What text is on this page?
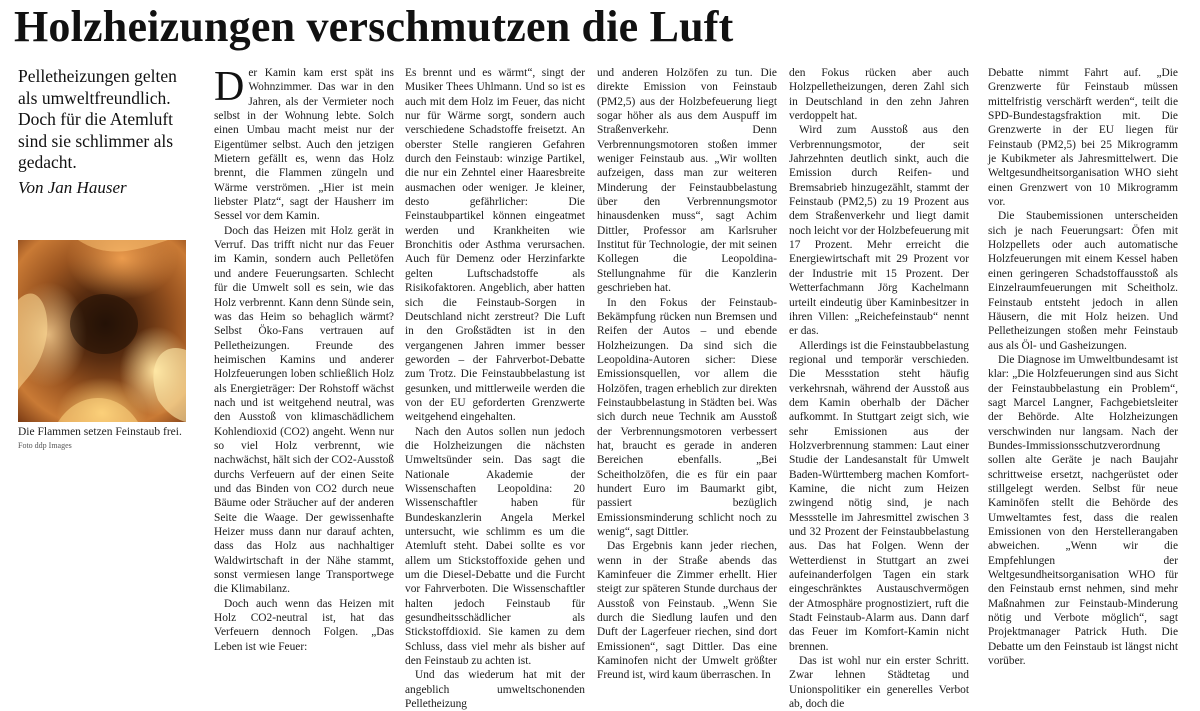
Holzheizungen verschmutzen die Luft
Pelletheizungen gelten als umweltfreundlich. Doch für die Atemluft sind sie schlimmer als gedacht.
Von Jan Hauser
Die Flammen setzen Feinstaub frei.
Foto ddp Images
D er Kamin kam erst spät ins Wohnzimmer. Das war in den Jahren, als der Vermieter noch selbst in der Wohnung lebte. Solch einen Umbau macht meist nur der Eigentümer selbst. Auch den jetzigen Mietern gefällt es, wenn das Holz brennt, die Flammen züngeln und Wärme verströmen. „Hier ist mein liebster Platz“, sagt der Hausherr im Sessel vor dem Kamin.

Doch das Heizen mit Holz gerät in Verruf. Das trifft nicht nur das Feuer im Kamin, sondern auch Pelletöfen und andere Feuerungsarten. Schlecht für die Umwelt soll es sein, wie das Holz verbrennt. Kann denn Sünde sein, was das Heim so behaglich wärmt? Selbst Öko-Fans vertrauen auf Pelletheizungen. Freunde des heimischen Kamins und anderer Holzfeuerungen loben schließlich Holz als Energieträger: Der Rohstoff wächst nach und ist weitgehend neutral, was den Ausstoß von klimaschädlichem Kohlendioxid (CO2) angeht. Wenn nur so viel Holz verbrennt, wie nachwächst, hält sich der CO2-Ausstoß durchs Verfeuern auf der einen Seite und das Binden von CO2 durch neue Bäume oder Sträucher auf der anderen Seite die Waage. Der gewissenhafte Heizer muss dann nur darauf achten, dass das Holz aus nachhaltiger Waldwirtschaft in der Nähe stammt, sonst vermiesen lange Transportwege die Klimabilanz.

Doch auch wenn das Heizen mit Holz CO2-neutral ist, hat das Verfeuern dennoch Folgen. „Das Leben ist wie Feuer:

Es brennt und es wärmt“, singt der Musiker Thees Uhlmann. Und so ist es auch mit dem Holz im Feuer, das nicht nur für Wärme sorgt, sondern auch verschiedene Schadstoffe freisetzt. An oberster Stelle rangieren Gefahren durch den Feinstaub: winzige Partikel, die nur ein Zehntel einer Haaresbreite ausmachen oder weniger. Je kleiner, desto gefährlicher: Die Feinstaubpartikel können eingeatmet werden und Krankheiten wie Bronchitis oder Asthma verursachen. Auch für Demenz oder Herzinfarkte gelten Luftschadstoffe als Risikofaktoren. Angeblich, aber hatten sich die Feinstaub-Sorgen in Deutschland nicht zerstreut? Die Luft in den Großstädten ist in den vergangenen Jahren immer besser geworden – der Fahrverbot-Debatte zum Trotz. Die Feinstaubbelastung ist gesunken, und mittlerweile werden die von der EU geforderten Grenzwerte weitgehend eingehalten.

Nach den Autos sollen nun jedoch die Holzheizungen die nächsten Umweltsünder sein. Das sagt die Nationale Akademie der Wissenschaften Leopoldina: 20 Wissenschaftler haben für Bundeskanzlerin Angela Merkel untersucht, wie schlimm es um die Atemluft steht. Dabei sollte es vor allem um Stickstoffoxide gehen und um die Diesel-Debatte und die Furcht vor Fahrverboten. Die Wissenschaftler halten jedoch Feinstaub für gesundheitsschädlicher als Stickstoffdioxid. Sie kamen zu dem Schluss, dass viel mehr als bisher auf den Feinstaub zu achten ist.

Und das wiederum hat mit der angeblich umweltschonenden Pelletheizung

und anderen Holzöfen zu tun. Die direkte Emission von Feinstaub (PM2,5) aus der Holzbefeuerung liegt sogar höher als aus dem Auspuff im Straßenverkehr. Denn Verbrennungsmotoren stoßen immer weniger Feinstaub aus. „Wir wollten aufzeigen, dass man zur weiteren Minderung der Feinstaubbelastung über den Verbrennungsmotor hinausdenken muss“, sagt Achim Dittler, Professor am Karlsruher Institut für Technologie, der mit seinen Kollegen die Leopoldina-Stellungnahme für die Kanzlerin geschrieben hat.

In den Fokus der Feinstaub-Bekämpfung rücken nun Bremsen und Reifen der Autos – und ebende Holzheizungen. Da sind sich die Leopoldina-Autoren sicher: Diese Emissionsquellen, vor allem die Holzöfen, tragen erheblich zur direkten Feinstaubbelastung in Städten bei. Was sich durch neue Technik am Ausstoß der Verbrennungsmotoren verbessert hat, braucht es gerade in anderen Bereichen ebenfalls. „Bei Scheitholzöfen, die es für ein paar hundert Euro im Baumarkt gibt, passiert bezüglich Emissionsminderung schlicht noch zu wenig“, sagt Dittler.

Das Ergebnis kann jeder riechen, wenn in der Straße abends das Kaminfeuer die Zimmer erhellt. Hier steigt zur späteren Stunde durchaus der Ausstoß von Feinstaub. „Wenn Sie durch die Siedlung laufen und den Duft der Lagerfeuer riechen, sind dort Emissionen“, sagt Dittler. Das eine Kaminofen nicht der Umwelt größter Freund ist, wird kaum überraschen. In

den Fokus rücken aber auch Holzpelletheizungen, deren Zahl sich in Deutschland in den zehn Jahren verdoppelt hat.

Wird zum Ausstoß aus den Verbrennungsmotor, der seit Jahrzehnten deutlich sinkt, auch die Emission durch Reifen- und Bremsabrieb hinzugezählt, stammt der Feinstaub (PM2,5) zu 19 Prozent aus dem Straßenverkehr und liegt damit noch leicht vor der Holzbefeuerung mit 17 Prozent. Mehr erreicht die Energiewirtschaft mit 29 Prozent vor der Industrie mit 15 Prozent. Der Wetterfachmann Jörg Kachelmann urteilt eindeutig über Kaminbesitzer in ihren Villen: „Reichefeinstaub“ nennt er das.

Allerdings ist die Feinstaubbelastung regional und temporär verschieden. Die Messstation steht häufig verkehrsnah, während der Ausstoß aus dem Kamin oberhalb der Dächer aufkommt. In Stuttgart zeigt sich, wie sehr Emissionen aus der Holzverbrennung stammen: Laut einer Studie der Landesanstalt für Umwelt Baden-Württemberg machen Komfort-Kamine, die nicht zum Heizen zwingend nötig sind, je nach Messstelle im Jahresmittel zwischen 3 und 32 Prozent der Feinstaubbelastung aus. Das hat Folgen. Wenn der Wetterdienst in Stuttgart an zwei aufeinanderfolgen Tagen ein stark eingeschränktes Austauschvermögen der Atmosphäre prognostiziert, ruft die Stadt Feinstaub-Alarm aus. Dann darf das Feuer im Komfort-Kamin nicht brennen.

Das ist wohl nur ein erster Schritt. Zwar lehnen Städtetag und Unionspolitiker ein generelles Verbot ab, doch die

Debatte nimmt Fahrt auf. „Die Grenzwerte für Feinstaub müssen mittelfristig verschärft werden“, teilt die SPD-Bundestagsfraktion mit. Die Grenzwerte in der EU liegen für Feinstaub (PM2,5) bei 25 Mikrogramm je Kubikmeter als Jahresmittelwert. Die Weltgesundheitsorganisation WHO sieht einen Grenzwert von 10 Mikrogramm vor.

Die Staubemissionen unterscheiden sich je nach Feuerungsart: Öfen mit Holzpellets oder auch automatische Holzfeuerungen mit einem Kessel haben einen geringeren Schadstoffausstoß als Einzelraumfeuerungen mit Scheitholz. Feinstaub entsteht jedoch in allen Häusern, die mit Holz heizen. Und Pelletheizungen stoßen mehr Feinstaub aus als Öl- und Gasheizungen.

Die Diagnose im Umweltbundesamt ist klar: „Die Holzfeuerungen sind aus Sicht der Feinstaubbelastung ein Problem“, sagt Marcel Langner, Fachgebietsleiter der Behörde. Alte Holzheizungen verschwinden nur langsam. Nach der Bundes-Immissionsschutzverordnung sollen alte Geräte je nach Baujahr schrittweise ersetzt, nachgerüstet oder stillgelegt werden. Selbst für neue Kaminöfen stellt die Behörde des Umweltamtes fest, dass die realen Emissionen von den Herstellerangaben abweichen. „Wenn wir die Empfehlungen der Weltgesundheitsorganisation WHO für den Feinstaub ernst nehmen, sind mehr Maßnahmen zur Feinstaub-Minderung nötig und Verbote möglich“, sagt Projektmanager Patrick Huth. Die Debatte um den Feinstaub ist längst nicht vorüber.
